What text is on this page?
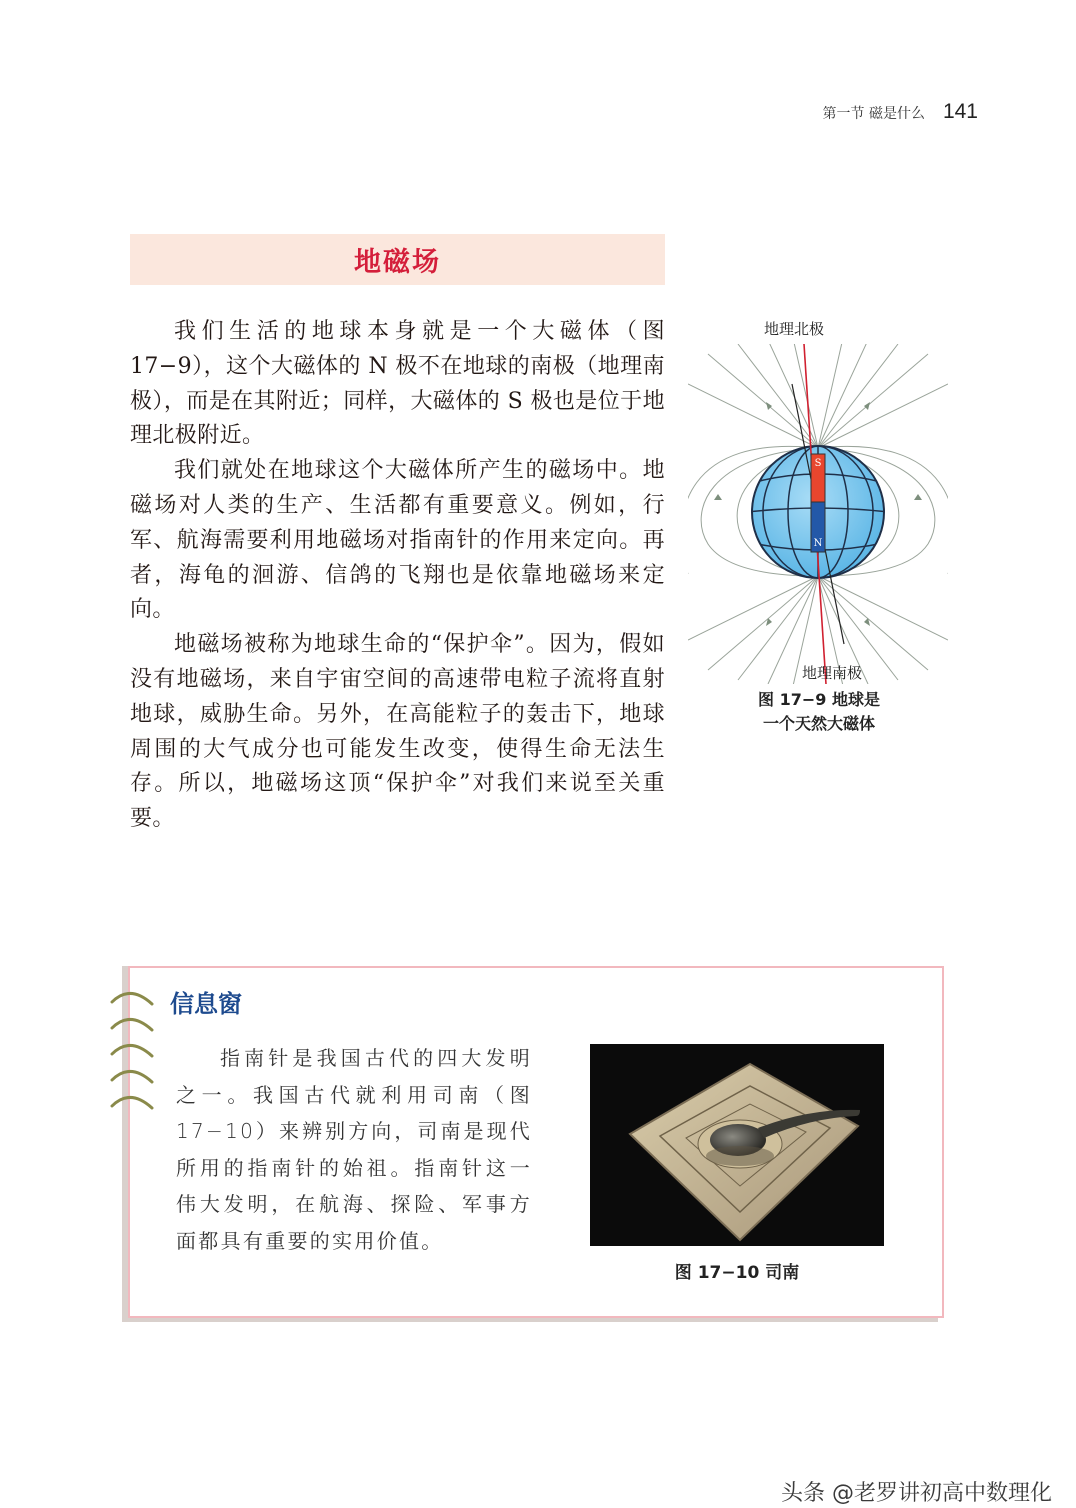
第一节 磁是什么 141
地磁场

我们生活的地球本身就是一个大磁体（图 17−9），这个大磁体的 N 极不在地球的南极（地理南极），而是在其附近；同样，大磁体的 S 极也是位于地理北极附近。

我们就处在地球这个大磁体所产生的磁场中。地磁场对人类的生产、生活都有重要意义。例如，行军、航海需要利用地磁场对指南针的作用来定向。再者，海龟的洄游、信鸽的飞翔也是依靠地磁场来定向。

地磁场被称为地球生命的“保护伞”。因为，假如没有地磁场，来自宇宙空间的高速带电粒子流将直射地球，威胁生命。另外，在高能粒子的轰击下，地球周围的大气成分也可能发生改变，使得生命无法生存。所以，地磁场这顶“保护伞”对我们来说至关重要。

地理北极
S
N
地理南极
图 17−9 地球是
一个天然大磁体
信息窗

指南针是我国古代的四大发明之一。我国古代就利用司南（图 17−10）来辨别方向，司南是现代所用的指南针的始祖。指南针这一伟大发明，在航海、探险、军事方面都具有重要的实用价值。

图 17−10 司南
头条 @老罗讲初高中数理化
